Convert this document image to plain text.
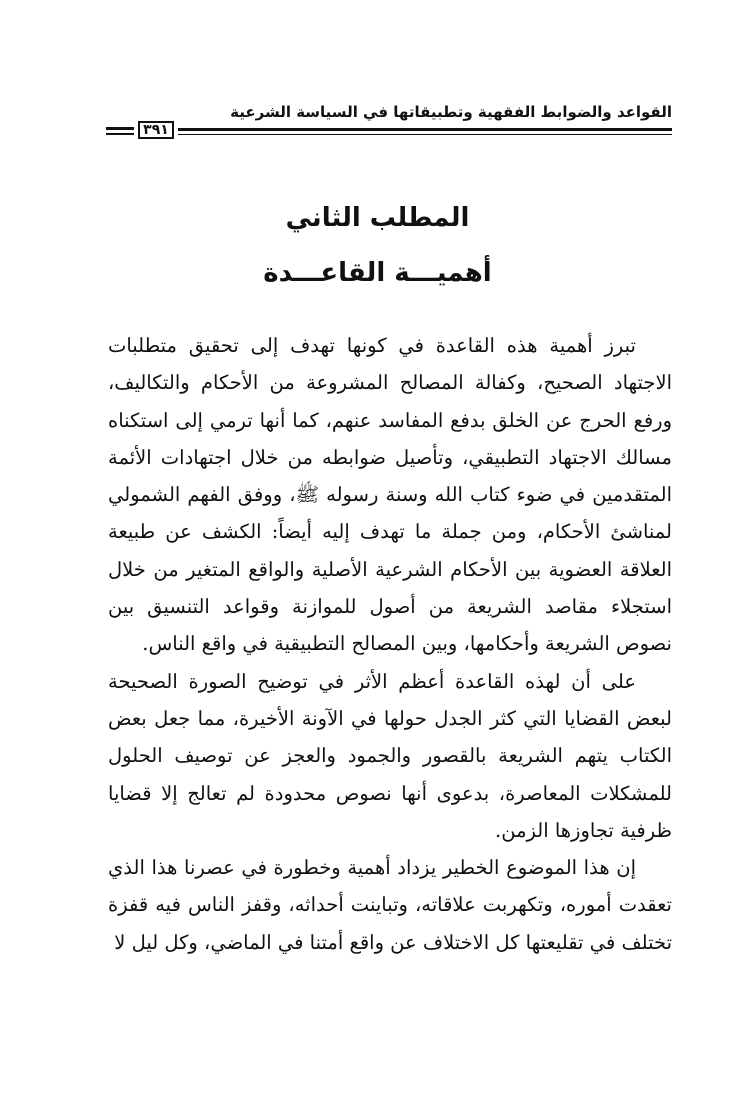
القواعد والضوابط الفقهية وتطبيقاتها في السياسة الشرعية
٣٩١
المطلب الثاني
أهميـــة القاعـــدة

تبرز أهمية هذه القاعدة في كونها تهدف إلى تحقيق متطلبات الاجتهاد الصحيح، وكفالة المصالح المشروعة من الأحكام والتكاليف، ورفع الحرج عن الخلق بدفع المفاسد عنهم، كما أنها ترمي إلى استكناه مسالك الاجتهاد التطبيقي، وتأصيل ضوابطه من خلال اجتهادات الأئمة المتقدمين في ضوء كتاب الله وسنة رسوله ﷺ، ووفق الفهم الشمولي لمناشئ الأحكام، ومن جملة ما تهدف إليه أيضاً: الكشف عن طبيعة العلاقة العضوية بين الأحكام الشرعية الأصلية والواقع المتغير من خلال استجلاء مقاصد الشريعة من أصول للموازنة وقواعد التنسيق بين نصوص الشريعة وأحكامها، وبين المصالح التطبيقية في واقع الناس.

على أن لهذه القاعدة أعظم الأثر في توضيح الصورة الصحيحة لبعض القضايا التي كثر الجدل حولها في الآونة الأخيرة، مما جعل بعض الكتاب يتهم الشريعة بالقصور والجمود والعجز عن توصيف الحلول للمشكلات المعاصرة، بدعوى أنها نصوص محدودة لم تعالج إلا قضايا ظرفية تجاوزها الزمن.

إن هذا الموضوع الخطير يزداد أهمية وخطورة في عصرنا هذا الذي تعقدت أموره، وتكهربت علاقاته، وتباينت أحداثه، وقفز الناس فيه قفزة تختلف في تقليعتها كل الاختلاف عن واقع أمتنا في الماضي، وكل ليل لا
